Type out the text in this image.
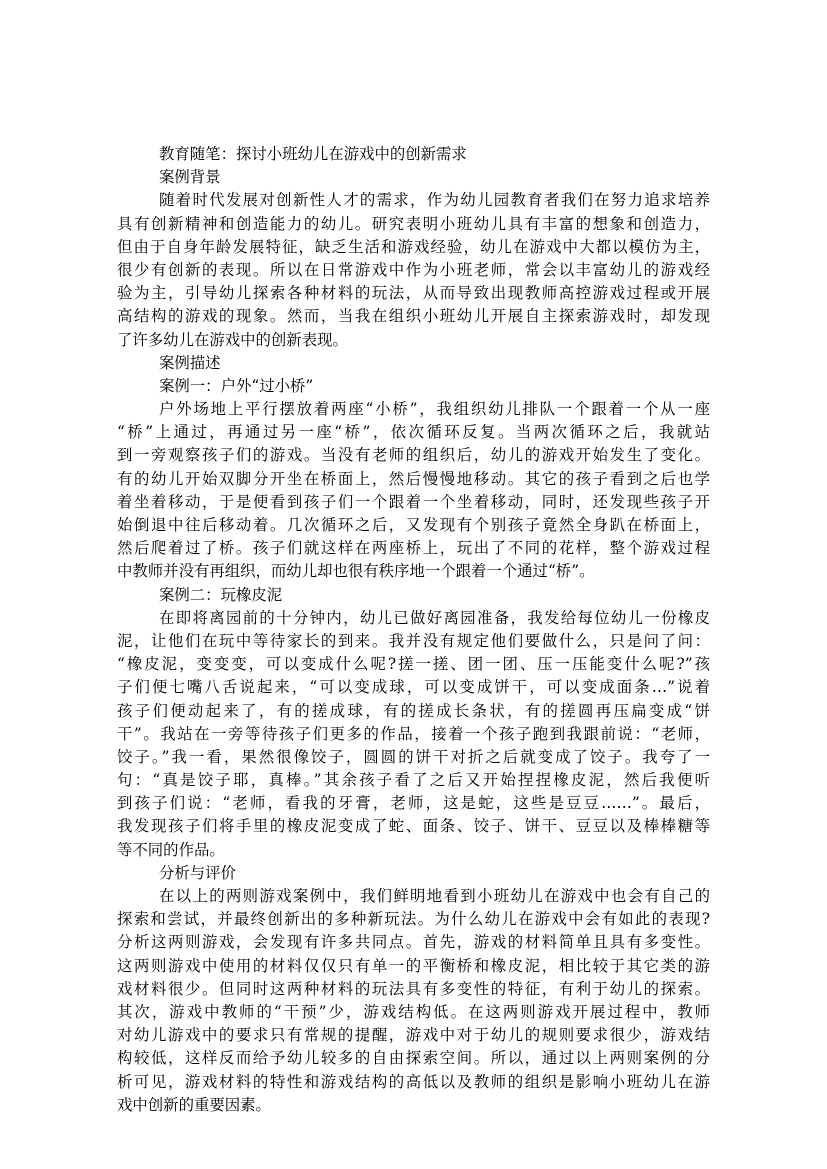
教育随笔：探讨小班幼儿在游戏中的创新需求

案例背景

随着时代发展对创新性人才的需求，作为幼儿园教育者我们在努力追求培养

具有创新精神和创造能力的幼儿。研究表明小班幼儿具有丰富的想象和创造力，

但由于自身年龄发展特征，缺乏生活和游戏经验，幼儿在游戏中大都以模仿为主，

很少有创新的表现。所以在日常游戏中作为小班老师，常会以丰富幼儿的游戏经

验为主，引导幼儿探索各种材料的玩法，从而导致出现教师高控游戏过程或开展

高结构的游戏的现象。然而，当我在组织小班幼儿开展自主探索游戏时，却发现

了许多幼儿在游戏中的创新表现。

案例描述

案例一：户外“过小桥”

户外场地上平行摆放着两座“小桥”，我组织幼儿排队一个跟着一个从一座

“桥”上通过，再通过另一座“桥”，依次循环反复。当两次循环之后，我就站

到一旁观察孩子们的游戏。当没有老师的组织后，幼儿的游戏开始发生了变化。

有的幼儿开始双脚分开坐在桥面上，然后慢慢地移动。其它的孩子看到之后也学

着坐着移动，于是便看到孩子们一个跟着一个坐着移动，同时，还发现些孩子开

始倒退中往后移动着。几次循环之后，又发现有个别孩子竟然全身趴在桥面上，

然后爬着过了桥。孩子们就这样在两座桥上，玩出了不同的花样，整个游戏过程

中教师并没有再组织，而幼儿却也很有秩序地一个跟着一个通过“桥”。

案例二：玩橡皮泥

在即将离园前的十分钟内，幼儿已做好离园准备，我发给每位幼儿一份橡皮

泥，让他们在玩中等待家长的到来。我并没有规定他们要做什么，只是问了问：

“橡皮泥，变变变，可以变成什么呢?搓一搓、团一团、压一压能变什么呢?”孩

子们便七嘴八舌说起来，“可以变成球，可以变成饼干，可以变成面条…”说着

孩子们便动起来了，有的搓成球，有的搓成长条状，有的搓圆再压扁变成“饼

干”。我站在一旁等待孩子们更多的作品，接着一个孩子跑到我跟前说：“老师，

饺子。”我一看，果然很像饺子，圆圆的饼干对折之后就变成了饺子。我夸了一

句：“真是饺子耶，真棒。”其余孩子看了之后又开始捏捏橡皮泥，然后我便听

到孩子们说：“老师，看我的牙膏，老师，这是蛇，这些是豆豆……”。最后，

我发现孩子们将手里的橡皮泥变成了蛇、面条、饺子、饼干、豆豆以及棒棒糖等

等不同的作品。

分析与评价

在以上的两则游戏案例中，我们鲜明地看到小班幼儿在游戏中也会有自己的

探索和尝试，并最终创新出的多种新玩法。为什么幼儿在游戏中会有如此的表现?

分析这两则游戏，会发现有许多共同点。首先，游戏的材料简单且具有多变性。

这两则游戏中使用的材料仅仅只有单一的平衡桥和橡皮泥，相比较于其它类的游

戏材料很少。但同时这两种材料的玩法具有多变性的特征，有利于幼儿的探索。

其次，游戏中教师的“干预”少，游戏结构低。在这两则游戏开展过程中，教师

对幼儿游戏中的要求只有常规的提醒，游戏中对于幼儿的规则要求很少，游戏结

构较低，这样反而给予幼儿较多的自由探索空间。所以，通过以上两则案例的分

析可见，游戏材料的特性和游戏结构的高低以及教师的组织是影响小班幼儿在游

戏中创新的重要因素。
